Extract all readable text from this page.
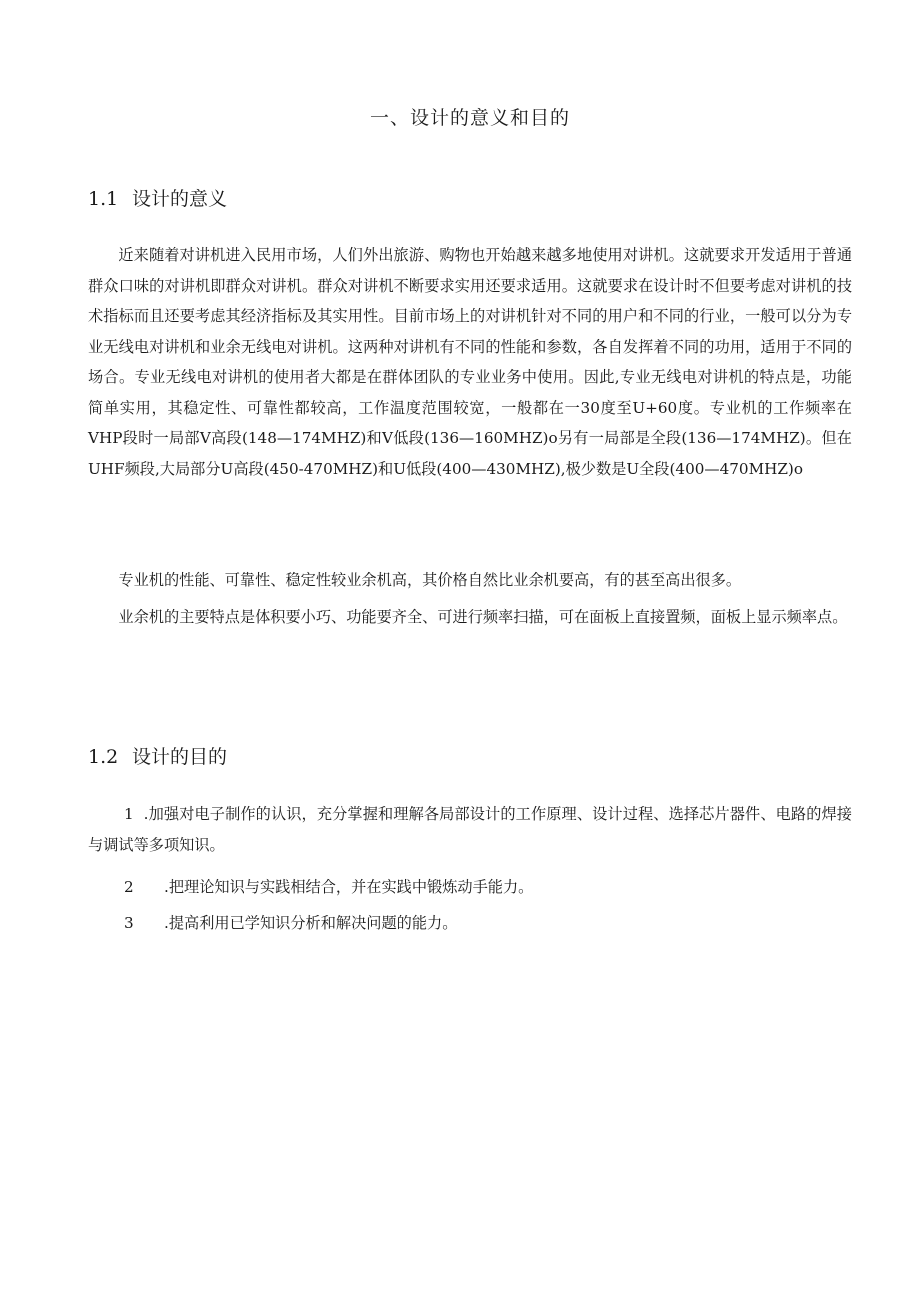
一、设计的意义和目的
1.1 设计的意义

近来随着对讲机进入民用市场，人们外出旅游、购物也开始越来越多地使用对讲机。这就要求开发适用于普通群众口味的对讲机即群众对讲机。群众对讲机不断要求实用还要求适用。这就要求在设计时不但要考虑对讲机的技术指标而且还要考虑其经济指标及其实用性。目前市场上的对讲机针对不同的用户和不同的行业，一般可以分为专业无线电对讲机和业余无线电对讲机。这两种对讲机有不同的性能和参数，各自发挥着不同的功用，适用于不同的场合。专业无线电对讲机的使用者大都是在群体团队的专业业务中使用。因此,专业无线电对讲机的特点是，功能简单实用，其稳定性、可靠性都较高，工作温度范围较宽，一般都在一30度至U+60度。专业机的工作频率在VHP段时一局部V高段(148—174MHZ)和V低段(136—160MHZ)o另有一局部是全段(136—174MHZ)。但在UHF频段,大局部分U高段(450-470MHZ)和U低段(400—430MHZ),极少数是U全段(400—470MHZ)o

专业机的性能、可靠性、稳定性较业余机高，其价格自然比业余机要高，有的甚至高出很多。

业余机的主要特点是体积要小巧、功能要齐全、可进行频率扫描，可在面板上直接置频，面板上显示频率点。

1.2 设计的目的

1 .加强对电子制作的认识，充分掌握和理解各局部设计的工作原理、设计过程、选择芯片器件、电路的焊接与调试等多项知识。

2 .把理论知识与实践相结合，并在实践中锻炼动手能力。

3 .提高利用已学知识分析和解决问题的能力。
